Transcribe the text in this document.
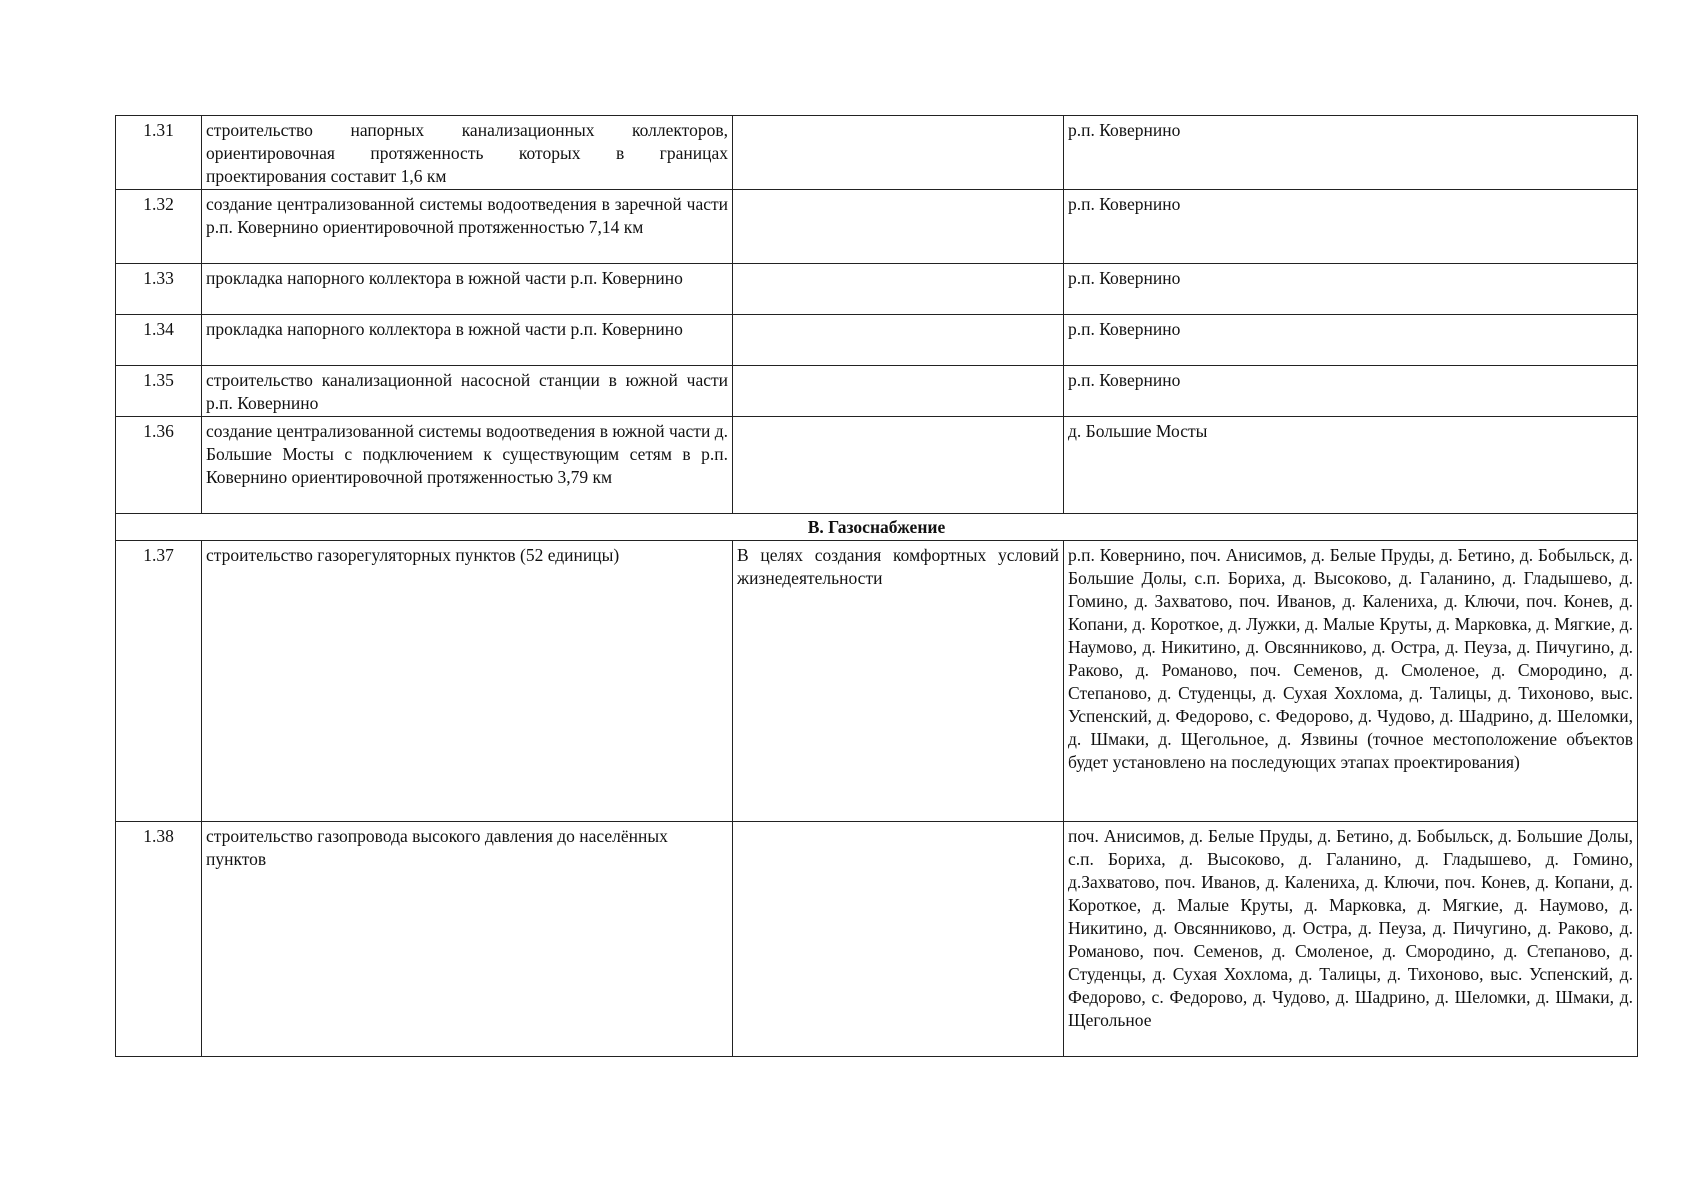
1.31	строительство напорных канализационных коллекторов, ориентировочная протяженность которых в границах проектирования составит 1,6 км		р.п. Ковернино
1.32	создание централизованной системы водоотведения в заречной части р.п. Ковернино ориентировочной протяженностью 7,14 км		р.п. Ковернино
1.33	прокладка напорного коллектора в южной части р.п. Ковернино		р.п. Ковернино
1.34	прокладка напорного коллектора в южной части р.п. Ковернино		р.п. Ковернино
1.35	строительство канализационной насосной станции в южной части р.п. Ковернино		р.п. Ковернино
1.36	создание централизованной системы водоотведения в южной части д. Большие Мосты с подключением к существующим сетям в р.п. Ковернино ориентировочной протяженностью 3,79 км		д. Большие Мосты
В. Газоснабжение			
1.37	строительство газорегуляторных пунктов (52 единицы)	В целях создания комфортных условий жизнедеятельности	р.п. Ковернино, поч. Анисимов, д. Белые Пруды, д. Бетино, д. Бобыльск, д. Большие Долы, с.п. Бориха, д. Высоково, д. Галанино, д. Гладышево, д. Гомино, д. Захватово, поч. Иванов, д. Калениха, д. Ключи, поч. Конев, д. Копани, д. Короткое, д. Лужки, д. Малые Круты, д. Марковка, д. Мягкие, д. Наумово, д. Никитино, д. Овсянниково, д. Остра, д. Пеуза, д. Пичугино, д. Раково, д. Романово, поч. Семенов, д. Смоленое, д. Смородино, д. Степаново, д. Студенцы, д. Сухая Хохлома, д. Талицы, д. Тихоново, выс. Успенский, д. Федорово, с. Федорово, д. Чудово, д. Шадрино, д. Шеломки, д. Шмаки, д. Щегольное, д. Язвины (точное местоположение объектов будет установлено на последующих этапах проектирования)
1.38	строительство газопровода высокого давления до населённых пунктов		поч. Анисимов, д. Белые Пруды, д. Бетино, д. Бобыльск, д. Большие Долы, с.п. Бориха, д. Высоково, д. Галанино, д. Гладышево, д. Гомино, д.Захватово, поч. Иванов, д. Калениха, д. Ключи, поч. Конев, д. Копани, д. Короткое, д. Малые Круты, д. Марковка, д. Мягкие, д. Наумово, д. Никитино, д. Овсянниково, д. Остра, д. Пеуза, д. Пичугино, д. Раково, д. Романово, поч. Семенов, д. Смоленое, д. Смородино, д. Степаново, д. Студенцы, д. Сухая Хохлома, д. Талицы, д. Тихоново, выс. Успенский, д. Федорово, с. Федорово, д. Чудово, д. Шадрино, д. Шеломки, д. Шмаки, д. Щегольное
